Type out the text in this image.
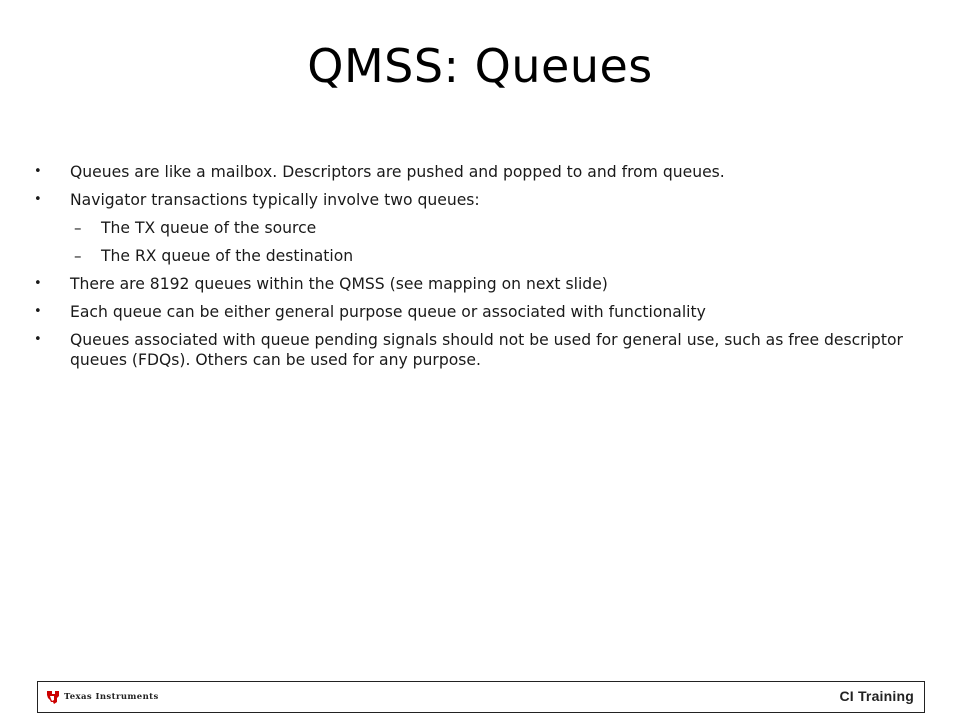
QMSS: Queues
•	Queues are like a mailbox. Descriptors are pushed and popped to and from queues.
•	Navigator transactions typically involve two queues:
– The TX queue of the source
– The RX queue of the destination
•	There are 8192 queues within the QMSS (see mapping on next slide)
•	Each queue can be either general purpose queue or associated with functionality
•	Queues associated with queue pending signals should not be used for general use, such as free descriptor queues (FDQs). Others can be used for any purpose.
Texas Instruments	CI Training
